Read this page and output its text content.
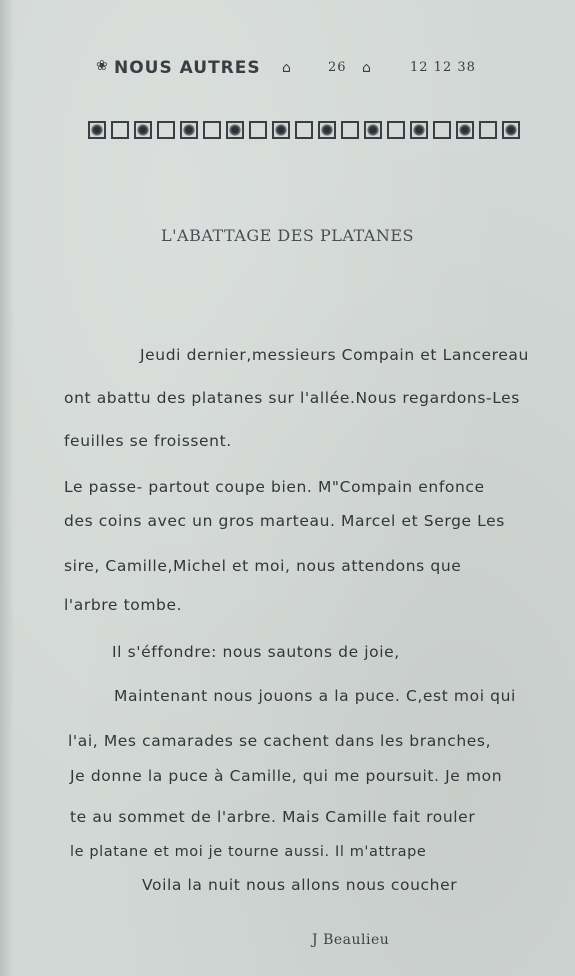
❀ NOUS AUTRES ⌂	26 ⌂	12 12 38
L'ABATTAGE DES PLATANES
Jeudi dernier,messieurs Compain et Lancereau
ont abattu des platanes sur l'allée.Nous regardons-Les
feuilles se froissent.
Le passe- partout coupe bien. M"Compain enfonce
des coins avec un gros marteau. Marcel et Serge Les
sire, Camille,Michel et moi, nous attendons que
l'arbre tombe.
Il s'éffondre: nous sautons de joie,
Maintenant nous jouons a la puce. C,est moi qui
l'ai, Mes camarades se cachent dans les branches,
Je donne la puce à Camille, qui me poursuit. Je mon
te au sommet de l'arbre. Mais Camille fait rouler
le platane et moi je tourne aussi. Il m'attrape
Voila la nuit nous allons nous coucher
J Beaulieu
